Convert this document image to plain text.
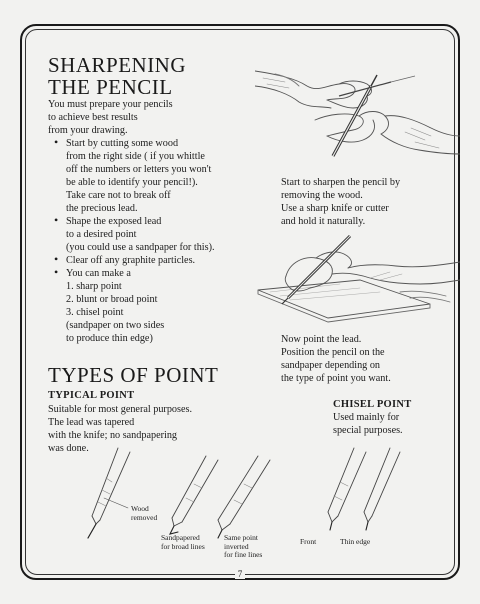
SHARPENING
THE PENCIL
You must prepare your pencils
to achieve best results
from your drawing.
• Start by cutting some wood
from the right side ( if you whittle
off the numbers or letters you won't
be able to identify your pencil!).
Take care not to break off
the precious lead.
• Shape the exposed lead
to a desired point
(you could use a sandpaper for this).
• Clear off any graphite particles.
• You can make a
1. sharp point
2. blunt or broad point
3. chisel point
(sandpaper on two sides
to produce thin edge)
Start to sharpen the pencil by
removing the wood.
Use a sharp knife or cutter
and hold it naturally.
Now point the lead.
Position the pencil on the
sandpaper depending on
the type of point you want.
TYPES OF POINT
TYPICAL POINT
Suitable for most general purposes.
The lead was tapered
with the knife; no sandpapering
was done.
CHISEL POINT
Used mainly for
special purposes.
Wood
removed
Sandpapered
for broad lines
Same point
inverted
for fine lines
Front	Thin edge
7
